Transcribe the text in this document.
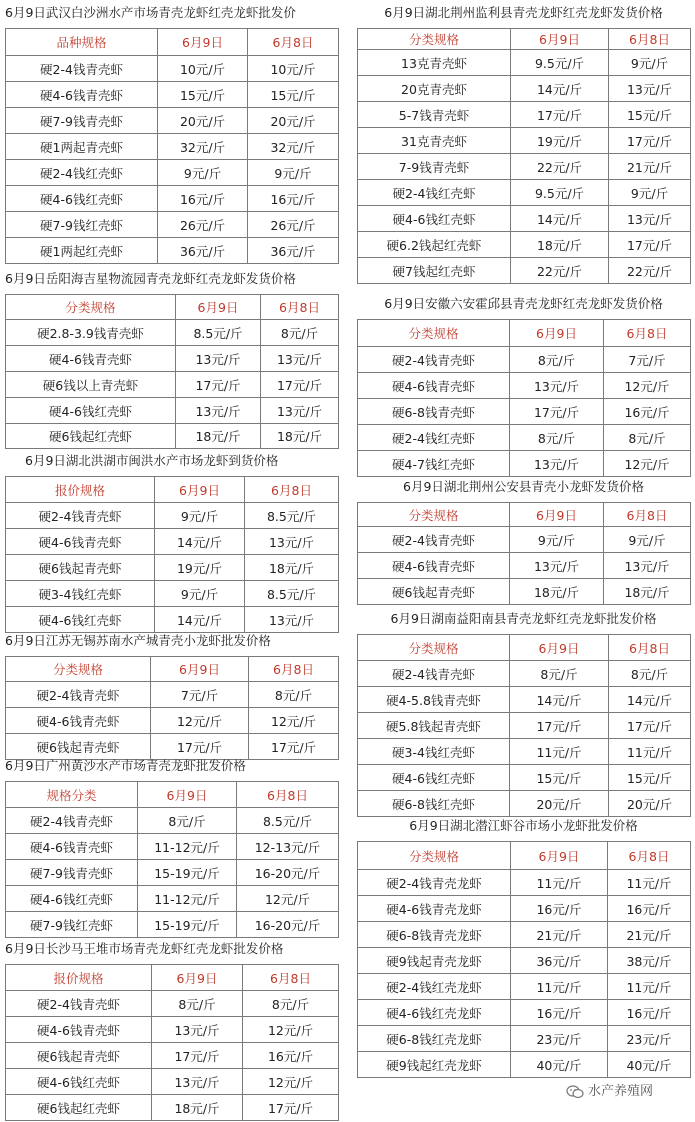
6月9日武汉白沙洲水产市场青壳龙虾红壳龙虾批发价
品种规格	6月9日	6月8日
硬2-4钱青壳虾	10元/斤	10元/斤
硬4-6钱青壳虾	15元/斤	15元/斤
硬7-9钱青壳虾	20元/斤	20元/斤
硬1两起青壳虾	32元/斤	32元/斤
硬2-4钱红壳虾	9元/斤	9元/斤
硬4-6钱红壳虾	16元/斤	16元/斤
硬7-9钱红壳虾	26元/斤	26元/斤
硬1两起红壳虾	36元/斤	36元/斤
6月9日岳阳海吉星物流园青壳龙虾红壳龙虾发货价格
分类规格	6月9日	6月8日
硬2.8-3.9钱青壳虾	8.5元/斤	8元/斤
硬4-6钱青壳虾	13元/斤	13元/斤
硬6钱以上青壳虾	17元/斤	17元/斤
硬4-6钱红壳虾	13元/斤	13元/斤
硬6钱起红壳虾	18元/斤	18元/斤
6月9日湖北洪湖市闽洪水产市场龙虾到货价格
报价规格	6月9日	6月8日
硬2-4钱青壳虾	9元/斤	8.5元/斤
硬4-6钱青壳虾	14元/斤	13元/斤
硬6钱起青壳虾	19元/斤	18元/斤
硬3-4钱红壳虾	9元/斤	8.5元/斤
硬4-6钱红壳虾	14元/斤	13元/斤
6月9日江苏无锡苏南水产城青壳小龙虾批发价格
分类规格	6月9日	6月8日
硬2-4钱青壳虾	7元/斤	8元/斤
硬4-6钱青壳虾	12元/斤	12元/斤
硬6钱起青壳虾	17元/斤	17元/斤
6月9日广州黄沙水产市场青壳龙虾批发价格
规格分类	6月9日	6月8日
硬2-4钱青壳虾	8元/斤	8.5元/斤
硬4-6钱青壳虾	11-12元/斤	12-13元/斤
硬7-9钱青壳虾	15-19元/斤	16-20元/斤
硬4-6钱红壳虾	11-12元/斤	12元/斤
硬7-9钱红壳虾	15-19元/斤	16-20元/斤
6月9日长沙马王堆市场青壳龙虾红壳龙虾批发价格
报价规格	6月9日	6月8日
硬2-4钱青壳虾	8元/斤	8元/斤
硬4-6钱青壳虾	13元/斤	12元/斤
硬6钱起青壳虾	17元/斤	16元/斤
硬4-6钱红壳虾	13元/斤	12元/斤
硬6钱起红壳虾	18元/斤	17元/斤
6月9日湖北荆州监利县青壳龙虾红壳龙虾发货价格
分类规格	6月9日	6月8日
13克青壳虾	9.5元/斤	9元/斤
20克青壳虾	14元/斤	13元/斤
5-7钱青壳虾	17元/斤	15元/斤
31克青壳虾	19元/斤	17元/斤
7-9钱青壳虾	22元/斤	21元/斤
硬2-4钱红壳虾	9.5元/斤	9元/斤
硬4-6钱红壳虾	14元/斤	13元/斤
硬6.2钱起红壳虾	18元/斤	17元/斤
硬7钱起红壳虾	22元/斤	22元/斤
6月9日安徽六安霍邱县青壳龙虾红壳龙虾发货价格
分类规格	6月9日	6月8日
硬2-4钱青壳虾	8元/斤	7元/斤
硬4-6钱青壳虾	13元/斤	12元/斤
硬6-8钱青壳虾	17元/斤	16元/斤
硬2-4钱红壳虾	8元/斤	8元/斤
硬4-7钱红壳虾	13元/斤	12元/斤
6月9日湖北荆州公安县青壳小龙虾发货价格
分类规格	6月9日	6月8日
硬2-4钱青壳虾	9元/斤	9元/斤
硬4-6钱青壳虾	13元/斤	13元/斤
硬6钱起青壳虾	18元/斤	18元/斤
6月9日湖南益阳南县青壳龙虾红壳龙虾批发价格
分类规格	6月9日	6月8日
硬2-4钱青壳虾	8元/斤	8元/斤
硬4-5.8钱青壳虾	14元/斤	14元/斤
硬5.8钱起青壳虾	17元/斤	17元/斤
硬3-4钱红壳虾	11元/斤	11元/斤
硬4-6钱红壳虾	15元/斤	15元/斤
硬6-8钱红壳虾	20元/斤	20元/斤
6月9日湖北潜江虾谷市场小龙虾批发价格
分类规格	6月9日	6月8日
硬2-4钱青壳龙虾	11元/斤	11元/斤
硬4-6钱青壳龙虾	16元/斤	16元/斤
硬6-8钱青壳龙虾	21元/斤	21元/斤
硬9钱起青壳龙虾	36元/斤	38元/斤
硬2-4钱红壳龙虾	11元/斤	11元/斤
硬4-6钱红壳龙虾	16元/斤	16元/斤
硬6-8钱红壳龙虾	23元/斤	23元/斤
硬9钱起红壳龙虾	40元/斤	40元/斤
水产养殖网
